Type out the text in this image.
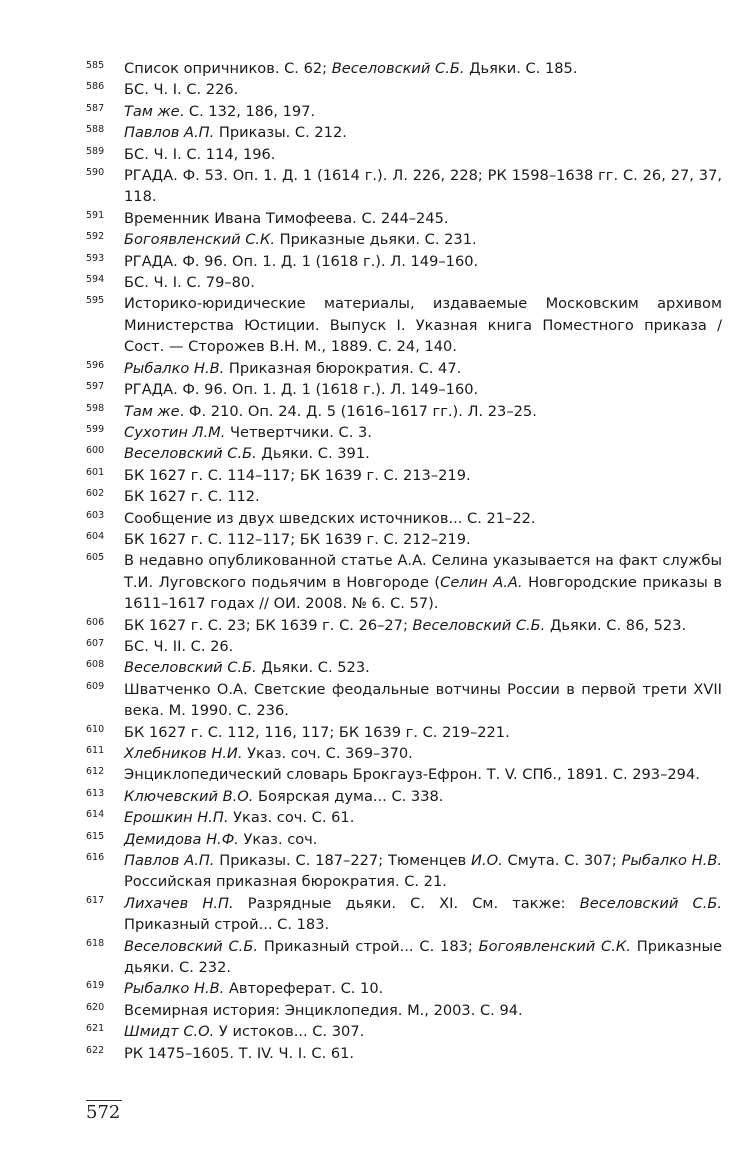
585 Список опричников. С. 62; Веселовский С.Б. Дьяки. С. 185.
586 БС. Ч. I. С. 226.
587 Там же. С. 132, 186, 197.
588 Павлов А.П. Приказы. С. 212.
589 БС. Ч. I. С. 114, 196.
590 РГАДА. Ф. 53. Оп. 1. Д. 1 (1614 г.). Л. 226, 228; РК 1598–1638 гг. С. 26, 27, 37, 118.
591 Временник Ивана Тимофеева. С. 244–245.
592 Богоявленский С.К. Приказные дьяки. С. 231.
593 РГАДА. Ф. 96. Оп. 1. Д. 1 (1618 г.). Л. 149–160.
594 БС. Ч. I. С. 79–80.
595 Историко-юридические материалы, издаваемые Московским архивом Министерства Юстиции. Выпуск I. Указная книга Поместного приказа / Сост. — Сторожев В.Н. М., 1889. С. 24, 140.
596 Рыбалко Н.В. Приказная бюрократия. С. 47.
597 РГАДА. Ф. 96. Оп. 1. Д. 1 (1618 г.). Л. 149–160.
598 Там же. Ф. 210. Оп. 24. Д. 5 (1616–1617 гг.). Л. 23–25.
599 Сухотин Л.М. Четвертчики. С. 3.
600 Веселовский С.Б. Дьяки. С. 391.
601 БК 1627 г. С. 114–117; БК 1639 г. С. 213–219.
602 БК 1627 г. С. 112.
603 Сообщение из двух шведских источников... С. 21–22.
604 БК 1627 г. С. 112–117; БК 1639 г. С. 212–219.
605 В недавно опубликованной статье А.А. Селина указывается на факт службы Т.И. Луговского подьячим в Новгороде (Селин А.А. Новгородские приказы в 1611–1617 годах // ОИ. 2008. № 6. С. 57).
606 БК 1627 г. С. 23; БК 1639 г. С. 26–27; Веселовский С.Б. Дьяки. С. 86, 523.
607 БС. Ч. II. С. 26.
608 Веселовский С.Б. Дьяки. С. 523.
609 Шватченко О.А. Светские феодальные вотчины России в первой трети XVII века. М. 1990. С. 236.
610 БК 1627 г. С. 112, 116, 117; БК 1639 г. С. 219–221.
611 Хлебников Н.И. Указ. соч. С. 369–370.
612 Энциклопедический словарь Брокгауз-Ефрон. Т. V. СПб., 1891. С. 293–294.
613 Ключевский В.О. Боярская дума... С. 338.
614 Ерошкин Н.П. Указ. соч. С. 61.
615 Демидова Н.Ф. Указ. соч.
616 Павлов А.П. Приказы. С. 187–227; Тюменцев И.О. Смута. С. 307; Рыбалко Н.В. Российская приказная бюрократия. С. 21.
617 Лихачев Н.П. Разрядные дьяки. С. XI. См. также: Веселовский С.Б. Приказный строй... С. 183.
618 Веселовский С.Б. Приказный строй... С. 183; Богоявленский С.К. Приказные дьяки. С. 232.
619 Рыбалко Н.В. Автореферат. С. 10.
620 Всемирная история: Энциклопедия. М., 2003. С. 94.
621 Шмидт С.О. У истоков... С. 307.
622 РК 1475–1605. Т. IV. Ч. I. С. 61.
572
